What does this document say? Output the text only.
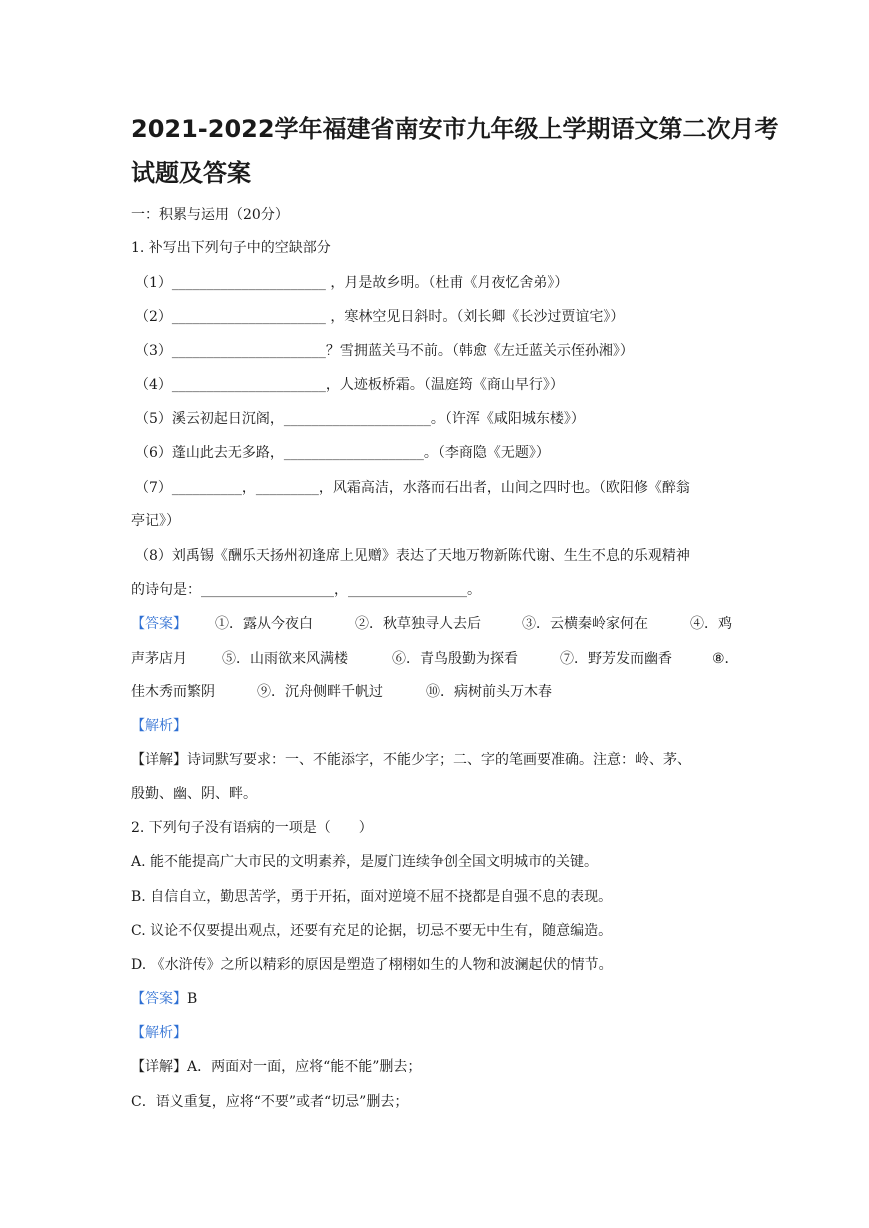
2021-2022学年福建省南安市九年级上学期语文第二次月考
试题及答案
一：积累与运用（20分）
1. 补写出下列句子中的空缺部分
（1）______________________ ，月是故乡明。（杜甫《月夜忆舍弟》）
（2）______________________ ，寒林空见日斜时。（刘长卿《长沙过贾谊宅》）
（3）______________________？雪拥蓝关马不前。（韩愈《左迁蓝关示侄孙湘》）
（4）______________________，人迹板桥霜。（温庭筠《商山早行》）
（5）溪云初起日沉阁，_____________________。（许浑《咸阳城东楼》）
（6）蓬山此去无多路，____________________。（李商隐《无题》）
（7）__________，_________，风霜高洁，水落而石出者，山间之四时也。（欧阳修《醉翁
亭记》）
（8）刘禹锡《酬乐天扬州初逢席上见赠》表达了天地万物新陈代谢、生生不息的乐观精神
的诗句是：___________________，_________________。
【答案】 ①．露从今夜白	②．秋草独寻人去后	③．云横秦岭家何在	④．鸡
声茅店月	⑤．山雨欲来风满楼	⑥．青鸟殷勤为探看	⑦．野芳发而幽香	⑧．
佳木秀而繁阴	⑨．沉舟侧畔千帆过	⑩．病树前头万木春
【解析】
【详解】诗词默写要求：一、不能添字，不能少字；二、字的笔画要准确。注意：岭、茅、
殷勤、幽、阴、畔。
2. 下列句子没有语病的一项是（　　）
A. 能不能提高广大市民的文明素养，是厦门连续争创全国文明城市的关键。
B. 自信自立，勤思苦学，勇于开拓，面对逆境不屈不挠都是自强不息的表现。
C. 议论不仅要提出观点，还要有充足的论据，切忌不要无中生有，随意编造。
D. 《水浒传》之所以精彩的原因是塑造了栩栩如生的人物和波澜起伏的情节。
【答案】B
【解析】
【详解】A．两面对一面，应将“能不能”删去；
C．语义重复，应将“不要”或者“切忌”删去；
